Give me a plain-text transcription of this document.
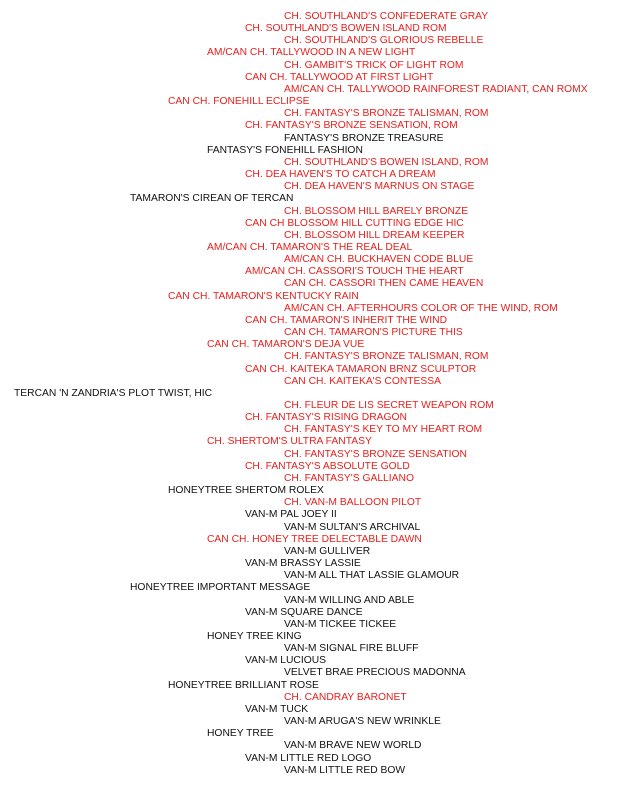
CH. SOUTHLAND'S CONFEDERATE GRAY
CH. SOUTHLAND'S BOWEN ISLAND ROM
CH. SOUTHLAND'S GLORIOUS REBELLE
AM/CAN CH. TALLYWOOD IN A NEW LIGHT
CH. GAMBIT'S TRICK OF LIGHT ROM
CAN CH. TALLYWOOD AT FIRST LIGHT
AM/CAN CH. TALLYWOOD RAINFOREST RADIANT, CAN ROMX
CAN CH. FONEHILL ECLIPSE
CH. FANTASY'S BRONZE TALISMAN, ROM
CH. FANTASY'S BRONZE SENSATION, ROM
FANTASY'S BRONZE TREASURE
FANTASY'S FONEHILL FASHION
CH. SOUTHLAND'S BOWEN ISLAND, ROM
CH. DEA HAVEN'S TO CATCH A DREAM
CH. DEA HAVEN'S MARNUS ON STAGE
TAMARON'S CIREAN OF TERCAN
CH. BLOSSOM HILL BARELY BRONZE
CAN CH BLOSSOM HILL CUTTING EDGE HIC
CH. BLOSSOM HILL DREAM KEEPER
AM/CAN CH. TAMARON'S THE REAL DEAL
AM/CAN CH. BUCKHAVEN CODE BLUE
AM/CAN CH. CASSORI'S TOUCH THE HEART
CAN CH. CASSORI THEN CAME HEAVEN
CAN CH. TAMARON'S KENTUCKY RAIN
AM/CAN CH. AFTERHOURS COLOR OF THE WIND, ROM
CAN CH. TAMARON'S INHERIT THE WIND
CAN CH. TAMARON'S PICTURE THIS
CAN CH. TAMARON'S DEJA VUE
CH. FANTASY'S BRONZE TALISMAN, ROM
CAN CH. KAITEKA TAMARON BRNZ SCULPTOR
CAN CH. KAITEKA'S CONTESSA
TERCAN 'N ZANDRIA'S PLOT TWIST, HIC
CH. FLEUR DE LIS SECRET WEAPON ROM
CH. FANTASY'S RISING DRAGON
CH. FANTASY'S KEY TO MY HEART ROM
CH. SHERTOM'S ULTRA FANTASY
CH. FANTASY'S BRONZE SENSATION
CH. FANTASY'S ABSOLUTE GOLD
CH. FANTASY'S GALLIANO
HONEYTREE SHERTOM ROLEX
CH. VAN-M BALLOON PILOT
VAN-M PAL JOEY II
VAN-M SULTAN'S ARCHIVAL
CAN CH. HONEY TREE DELECTABLE DAWN
VAN-M GULLIVER
VAN-M BRASSY LASSIE
VAN-M ALL THAT LASSIE GLAMOUR
HONEYTREE IMPORTANT MESSAGE
VAN-M WILLING AND ABLE
VAN-M SQUARE DANCE
VAN-M TICKEE TICKEE
HONEY TREE KING
VAN-M SIGNAL FIRE BLUFF
VAN-M LUCIOUS
VELVET BRAE PRECIOUS MADONNA
HONEYTREE BRILLIANT ROSE
CH. CANDRAY BARONET
VAN-M TUCK
VAN-M ARUGA'S NEW WRINKLE
HONEY TREE
VAN-M BRAVE NEW WORLD
VAN-M LITTLE RED LOGO
VAN-M LITTLE RED BOW
